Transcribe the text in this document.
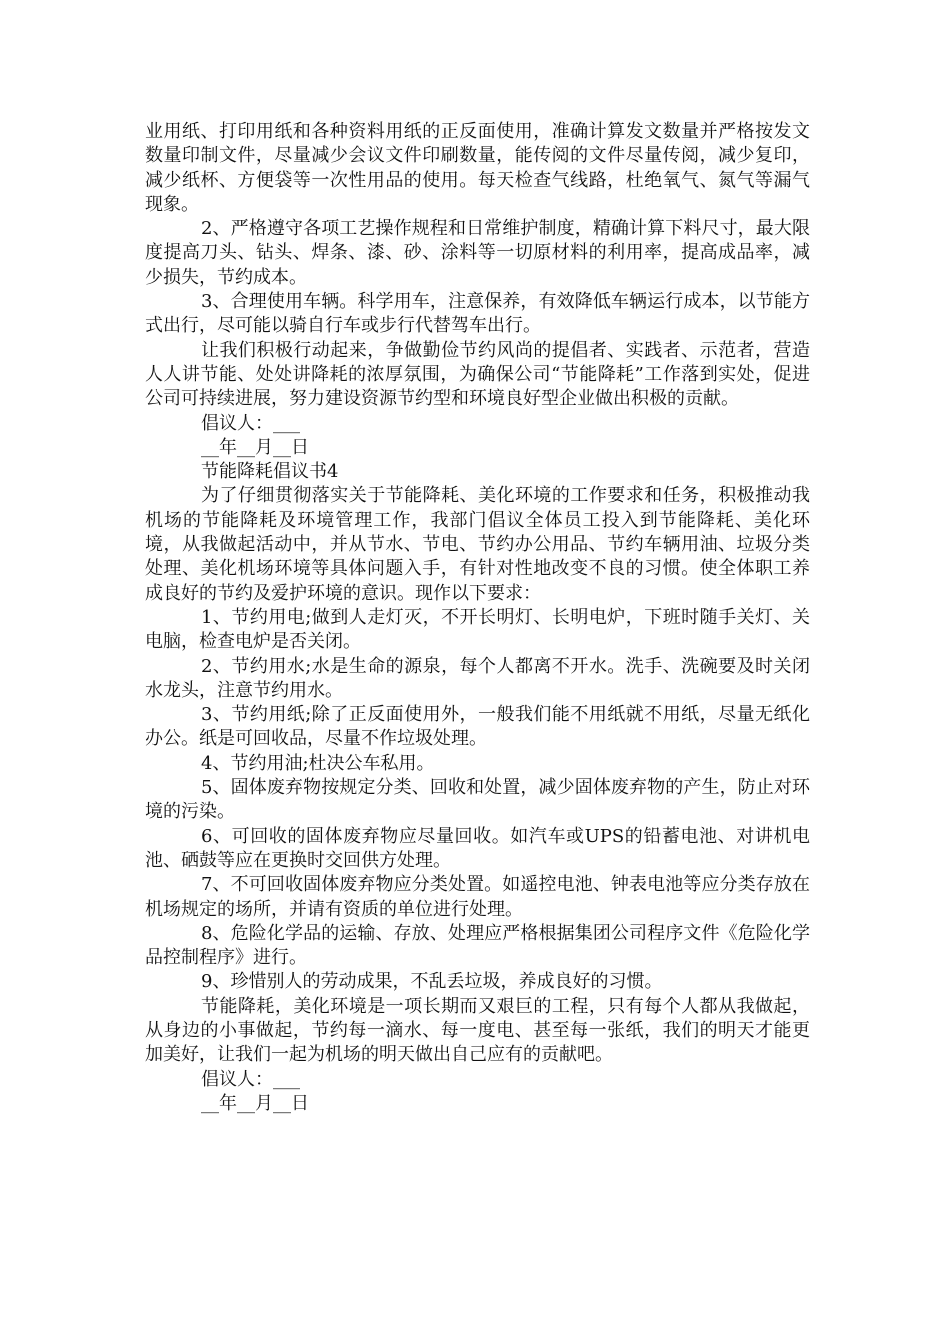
业用纸、打印用纸和各种资料用纸的正反面使用，准确计算发文数量并严格按发文数量印制文件，尽量减少会议文件印刷数量，能传阅的文件尽量传阅，减少复印，减少纸杯、方便袋等一次性用品的使用。每天检查气线路，杜绝氧气、氮气等漏气现象。

2、严格遵守各项工艺操作规程和日常维护制度，精确计算下料尺寸，最大限度提高刀头、钻头、焊条、漆、砂、涂料等一切原材料的利用率，提高成品率，减少损失，节约成本。

3、合理使用车辆。科学用车，注意保养，有效降低车辆运行成本，以节能方式出行，尽可能以骑自行车或步行代替驾车出行。

让我们积极行动起来，争做勤俭节约风尚的提倡者、实践者、示范者，营造人人讲节能、处处讲降耗的浓厚氛围，为确保公司“节能降耗”工作落到实处，促进公司可持续进展，努力建设资源节约型和环境良好型企业做出积极的贡献。

倡议人：___

__年__月__日

节能降耗倡议书4

为了仔细贯彻落实关于节能降耗、美化环境的工作要求和任务，积极推动我机场的节能降耗及环境管理工作，我部门倡议全体员工投入到节能降耗、美化环境，从我做起活动中，并从节水、节电、节约办公用品、节约车辆用油、垃圾分类处理、美化机场环境等具体问题入手，有针对性地改变不良的习惯。使全体职工养成良好的节约及爱护环境的意识。现作以下要求：

1、节约用电;做到人走灯灭，不开长明灯、长明电炉，下班时随手关灯、关电脑，检查电炉是否关闭。

2、节约用水;水是生命的源泉，每个人都离不开水。洗手、洗碗要及时关闭水龙头，注意节约用水。

3、节约用纸;除了正反面使用外，一般我们能不用纸就不用纸，尽量无纸化办公。纸是可回收品，尽量不作垃圾处理。

4、节约用油;杜决公车私用。

5、固体废弃物按规定分类、回收和处置，减少固体废弃物的产生，防止对环境的污染。

6、可回收的固体废弃物应尽量回收。如汽车或UPS的铅蓄电池、对讲机电池、硒鼓等应在更换时交回供方处理。

7、不可回收固体废弃物应分类处置。如遥控电池、钟表电池等应分类存放在机场规定的场所，并请有资质的单位进行处理。

8、危险化学品的运输、存放、处理应严格根据集团公司程序文件《危险化学品控制程序》进行。

9、珍惜别人的劳动成果，不乱丢垃圾，养成良好的习惯。

节能降耗，美化环境是一项长期而又艰巨的工程，只有每个人都从我做起，从身边的小事做起，节约每一滴水、每一度电、甚至每一张纸，我们的明天才能更加美好，让我们一起为机场的明天做出自己应有的贡献吧。

倡议人：___

__年__月__日
